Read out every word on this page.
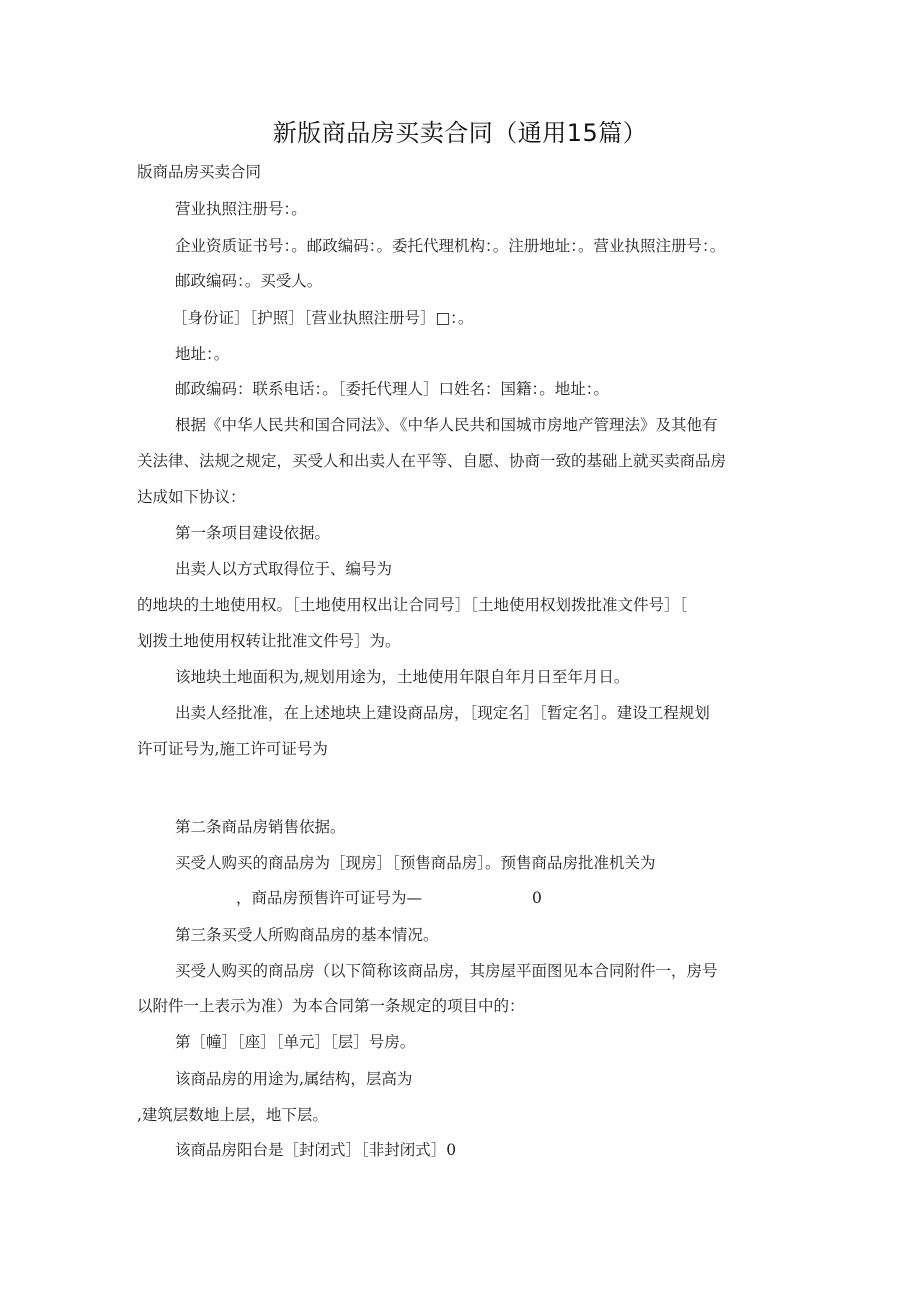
新版商品房买卖合同（通用15篇）
版商品房买卖合同
营业执照注册号：。
企业资质证书号：。邮政编码：。委托代理机构：。注册地址：。营业执照注册号：。
邮政编码：。买受人。
［身份证］［护照］［营业执照注册号］□：。
地址：。
邮政编码：联系电话：。［委托代理人］口姓名：国籍：。地址：。
根据《中华人民共和国合同法》、《中华人民共和国城市房地产管理法》及其他有
关法律、法规之规定，买受人和出卖人在平等、自愿、协商一致的基础上就买卖商品房
达成如下协议：
第一条项目建设依据。
出卖人以方式取得位于、编号为
的地块的土地使用权。［土地使用权出让合同号］［土地使用权划拨批准文件号］［
划拨土地使用权转让批准文件号］为。
该地块土地面积为,规划用途为，土地使用年限自年月日至年月日。
出卖人经批准，在上述地块上建设商品房，［现定名］［暂定名］。建设工程规划
许可证号为,施工许可证号为
第二条商品房销售依据。
买受人购买的商品房为［现房］［预售商品房］。预售商品房批准机关为
，商品房预售许可证号为—	0
第三条买受人所购商品房的基本情况。
买受人购买的商品房（以下简称该商品房，其房屋平面图见本合同附件一，房号
以附件一上表示为准）为本合同第一条规定的项目中的：
第［幢］［座］［单元］［层］号房。
该商品房的用途为,属结构，层高为
,建筑层数地上层，地下层。
该商品房阳台是［封闭式］［非封闭式］0
